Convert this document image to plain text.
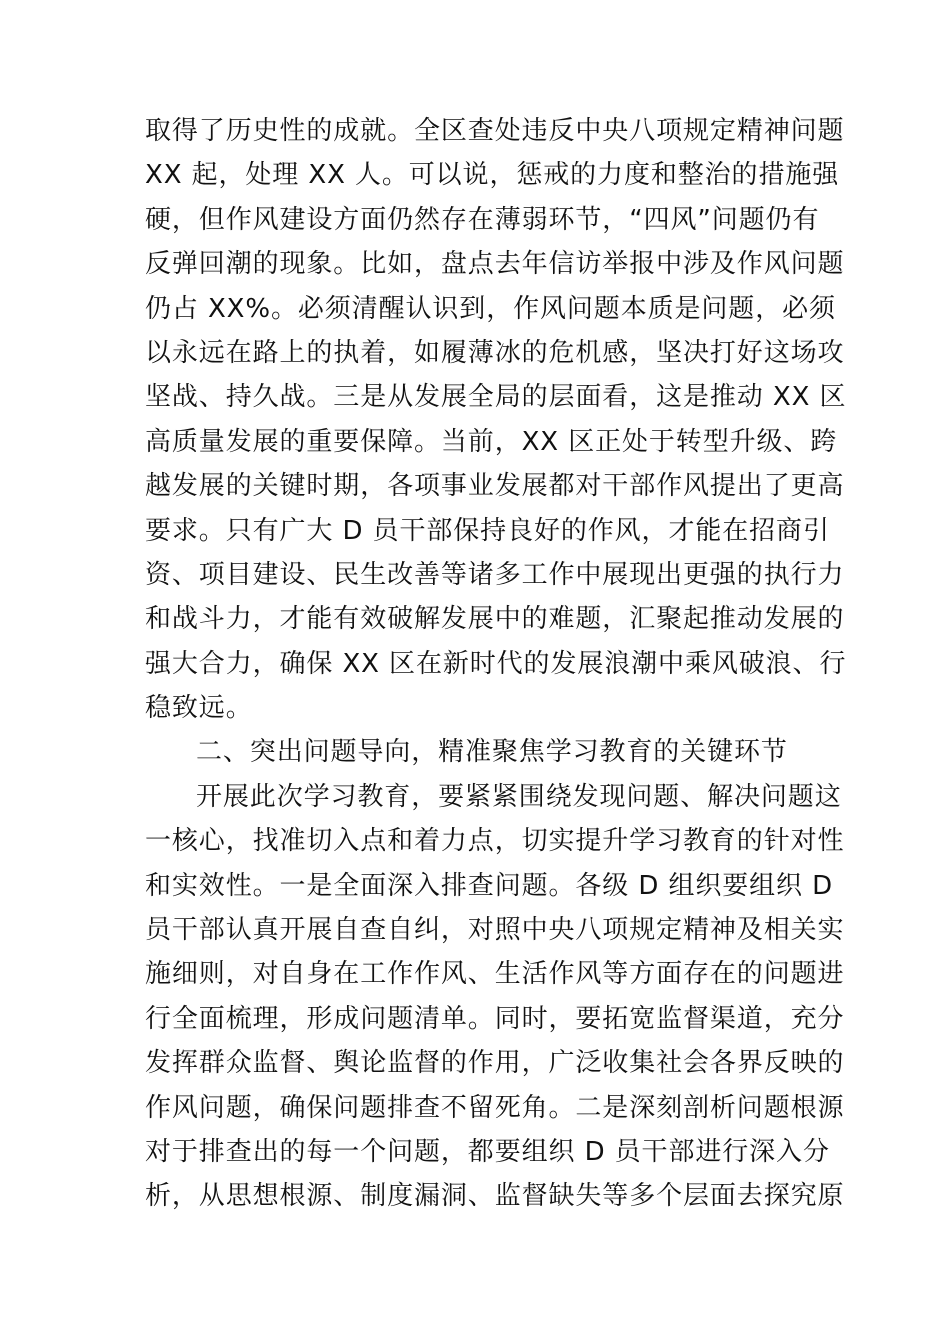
取得了历史性的成就。全区查处违反中央八项规定精神问题
XX 起，处理 XX 人。可以说，惩戒的力度和整治的措施强
硬，但作风建设方面仍然存在薄弱环节，“四风”问题仍有
反弹回潮的现象。比如，盘点去年信访举报中涉及作风问题
仍占 XX%。必须清醒认识到，作风问题本质是问题，必须
以永远在路上的执着，如履薄冰的危机感，坚决打好这场攻
坚战、持久战。三是从发展全局的层面看，这是推动 XX 区
高质量发展的重要保障。当前，XX 区正处于转型升级、跨
越发展的关键时期，各项事业发展都对干部作风提出了更高
要求。只有广大 D 员干部保持良好的作风，才能在招商引
资、项目建设、民生改善等诸多工作中展现出更强的执行力
和战斗力，才能有效破解发展中的难题，汇聚起推动发展的
强大合力，确保 XX 区在新时代的发展浪潮中乘风破浪、行
稳致远。
二、突出问题导向，精准聚焦学习教育的关键环节
开展此次学习教育，要紧紧围绕发现问题、解决问题这
一核心，找准切入点和着力点，切实提升学习教育的针对性
和实效性。一是全面深入排查问题。各级 D 组织要组织 D
员干部认真开展自查自纠，对照中央八项规定精神及相关实
施细则，对自身在工作作风、生活作风等方面存在的问题进
行全面梳理，形成问题清单。同时，要拓宽监督渠道，充分
发挥群众监督、舆论监督的作用，广泛收集社会各界反映的
作风问题，确保问题排查不留死角。二是深刻剖析问题根源
对于排查出的每一个问题，都要组织 D 员干部进行深入分
析，从思想根源、制度漏洞、监督缺失等多个层面去探究原
